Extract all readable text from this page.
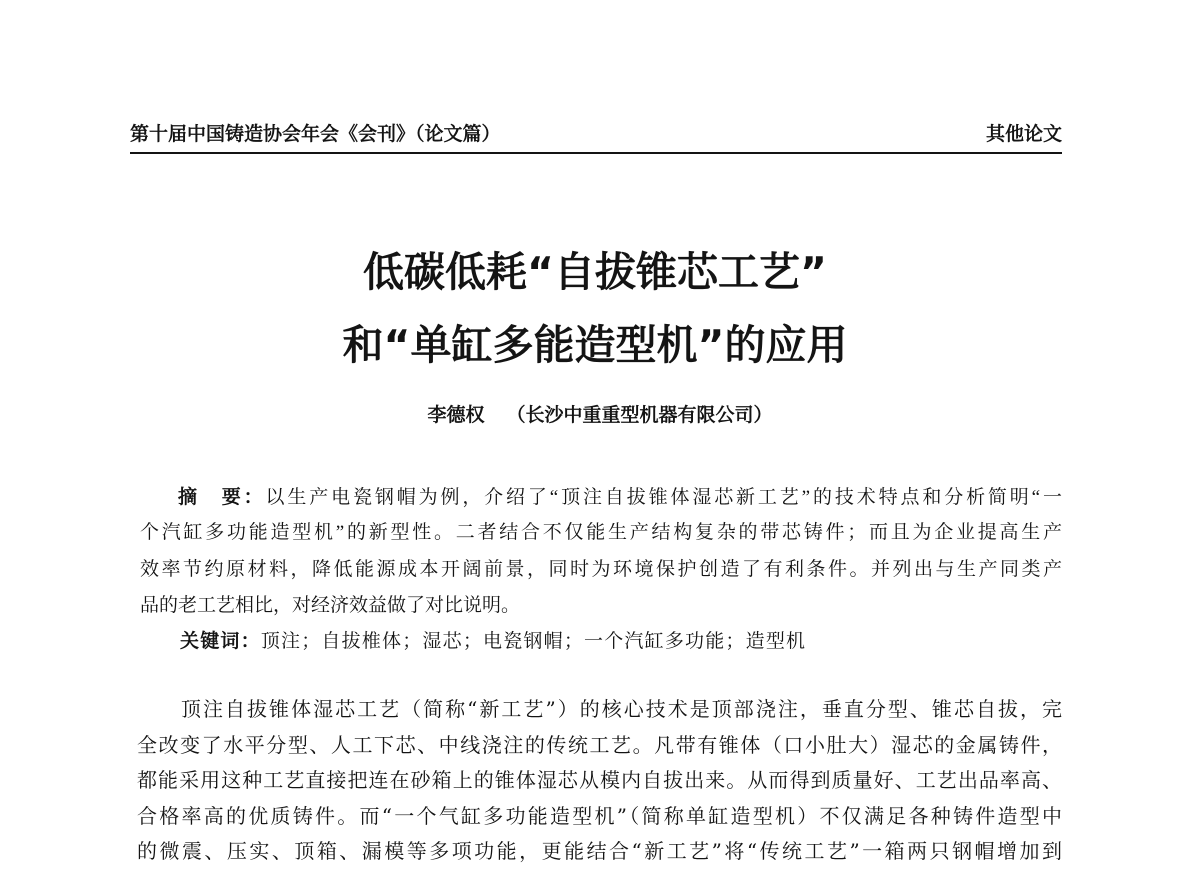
第十届中国铸造协会年会《会刊》（论文篇）	其他论文
低碳低耗“自拔锥芯工艺”
和“单缸多能造型机”的应用
李德权 （长沙中重重型机器有限公司）
摘　要：以生产电瓷钢帽为例，介绍了“顶注自拔锥体湿芯新工艺”的技术特点和分析简明“一
个汽缸多功能造型机”的新型性。二者结合不仅能生产结构复杂的带芯铸件；而且为企业提高生产
效率节约原材料，降低能源成本开阔前景，同时为环境保护创造了有利条件。并列出与生产同类产
品的老工艺相比，对经济效益做了对比说明。
关键词：顶注；自拔椎体；湿芯；电瓷钢帽；一个汽缸多功能；造型机
顶注自拔锥体湿芯工艺（简称“新工艺”）的核心技术是顶部浇注，垂直分型、锥芯自拔，完
全改变了水平分型、人工下芯、中线浇注的传统工艺。凡带有锥体（口小肚大）湿芯的金属铸件，
都能采用这种工艺直接把连在砂箱上的锥体湿芯从模内自拔出来。从而得到质量好、工艺出品率高、
合格率高的优质铸件。而“一个气缸多功能造型机”（简称单缸造型机）不仅满足各种铸件造型中
的微震、压实、顶箱、漏模等多项功能，更能结合“新工艺”将“传统工艺”一箱两只钢帽增加到
